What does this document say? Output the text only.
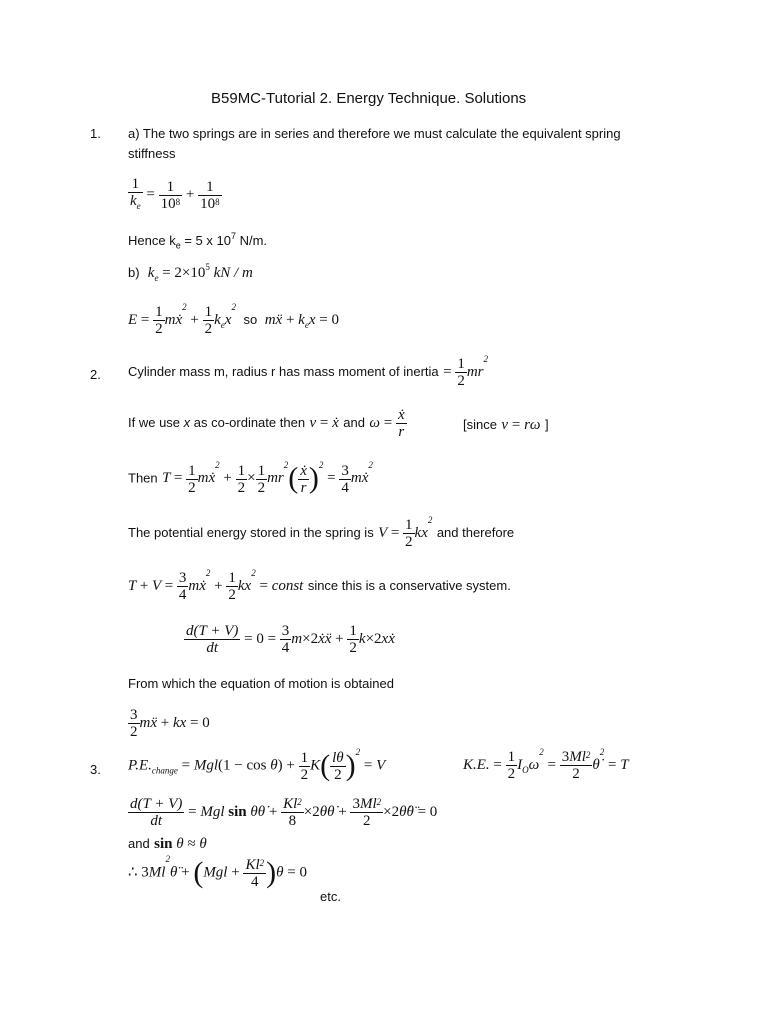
B59MC-Tutorial 2. Energy Technique. Solutions
1. a) The two springs are in series and therefore we must calculate the equivalent spring
stiffness
$\frac{1}{k_e} = \frac{1}{10^8} + \frac{1}{10^8}$
Hence $k_e = 5$ x $10^7$ N/m.
b)  $k_e = 2\times 10^5$ kN / m
$E = \frac{1}{2}$ mẋ$^2$ + $\frac{1}{2} k_ex^2$  so  mẍ + $k_ex = 0$
2. Cylinder mass m, radius r has mass moment of inertia = $\frac{1}{2} mr^2$
If we use x as co-ordinate then v = ẋ and $\omega = \frac{\text{ẋ}}{r}$	[since v = rω ]
Then $T = \frac{1}{2}$ mẋ$^2$ + $\frac{1}{2} \times \frac{1}{2} mr^2( \frac{\text{ẋ}}{r} )^2 = \frac{3}{4}$ mẋ$^2$
The potential energy stored in the spring is $V = \frac{1}{2} kx^2$ and therefore
$T + V = \frac{3}{4}$ mẋ$^2$ + $\frac{1}{2} kx^2$ = const since this is a conservative system.
$\frac{d(T + V)}{dt} = 0 = \frac{3}{4}$ m×2ẋẍ + $\frac{1}{2}$ k×2xẋ
From which the equation of motion is obtained
$\frac{3}{2}$ mẍ + kx = 0
3. $P.E._{change} = Mgl(1 - \cos \theta) + \frac{1}{2} K( \frac{l\theta}{2} )^2 = V$	K.E. = $\frac{1}{2} I_O\omega^2 = \frac{3Ml^2}{2}$ θ̇$^2$ = T
$\frac{d(T + V)}{dt}$ = Mgl sin θθ̇ + $\frac{Kl^2}{8}$ ×2θθ̇ + $\frac{3Ml^2}{2}$ ×2θ̇θ̈ = 0
and sin θ ≈ θ
∴ $3Ml^2\thetä + (Mgl + \frac{Kl^2}{4} )\theta = 0$
etc.
